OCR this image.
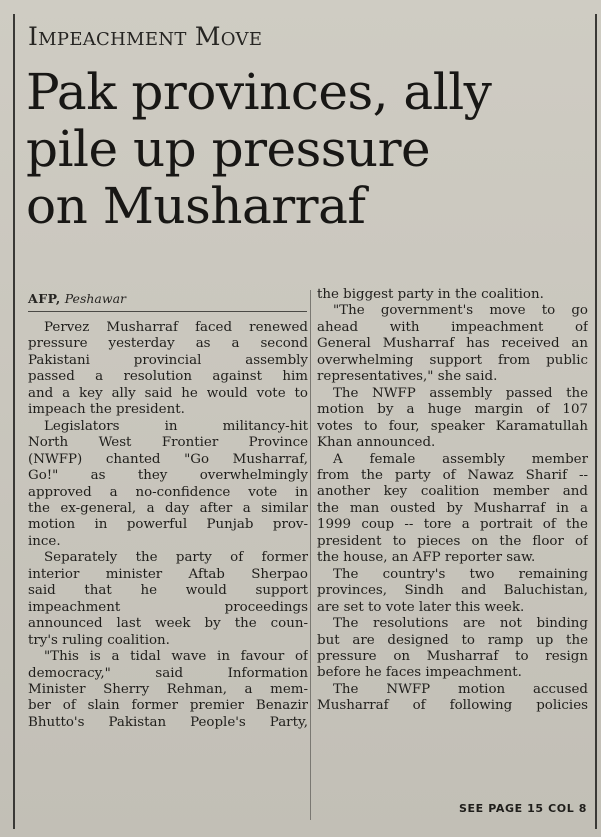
Impeachment Move
Pak provinces, ally
pile up pressure
on Musharraf
AFP, Peshawar
Pervez Musharraf faced renewed
pressure yesterday as a second
Pakistani provincial assembly
passed a resolution against him
and a key ally said he would vote to
impeach the president.
Legislators in militancy-hit
North West Frontier Province
(NWFP) chanted "Go Musharraf,
Go!" as they overwhelmingly
approved a no-confidence vote in
the ex-general, a day after a similar
motion in powerful Punjab prov-
ince.
Separately the party of former
interior minister Aftab Sherpao
said that he would support
impeachment proceedings
announced last week by the coun-
try's ruling coalition.
"This is a tidal wave in favour of
democracy," said Information
Minister Sherry Rehman, a mem-
ber of slain former premier Benazir
Bhutto's Pakistan People's Party,
the biggest party in the coalition.
"The government's move to go
ahead with impeachment of
General Musharraf has received an
overwhelming support from public
representatives," she said.
The NWFP assembly passed the
motion by a huge margin of 107
votes to four, speaker Karamatullah
Khan announced.
A female assembly member
from the party of Nawaz Sharif --
another key coalition member and
the man ousted by Musharraf in a
1999 coup -- tore a portrait of the
president to pieces on the floor of
the house, an AFP reporter saw.
The country's two remaining
provinces, Sindh and Baluchistan,
are set to vote later this week.
The resolutions are not binding
but are designed to ramp up the
pressure on Musharraf to resign
before he faces impeachment.
The NWFP motion accused
Musharraf of following policies
SEE PAGE 15 COL 8
